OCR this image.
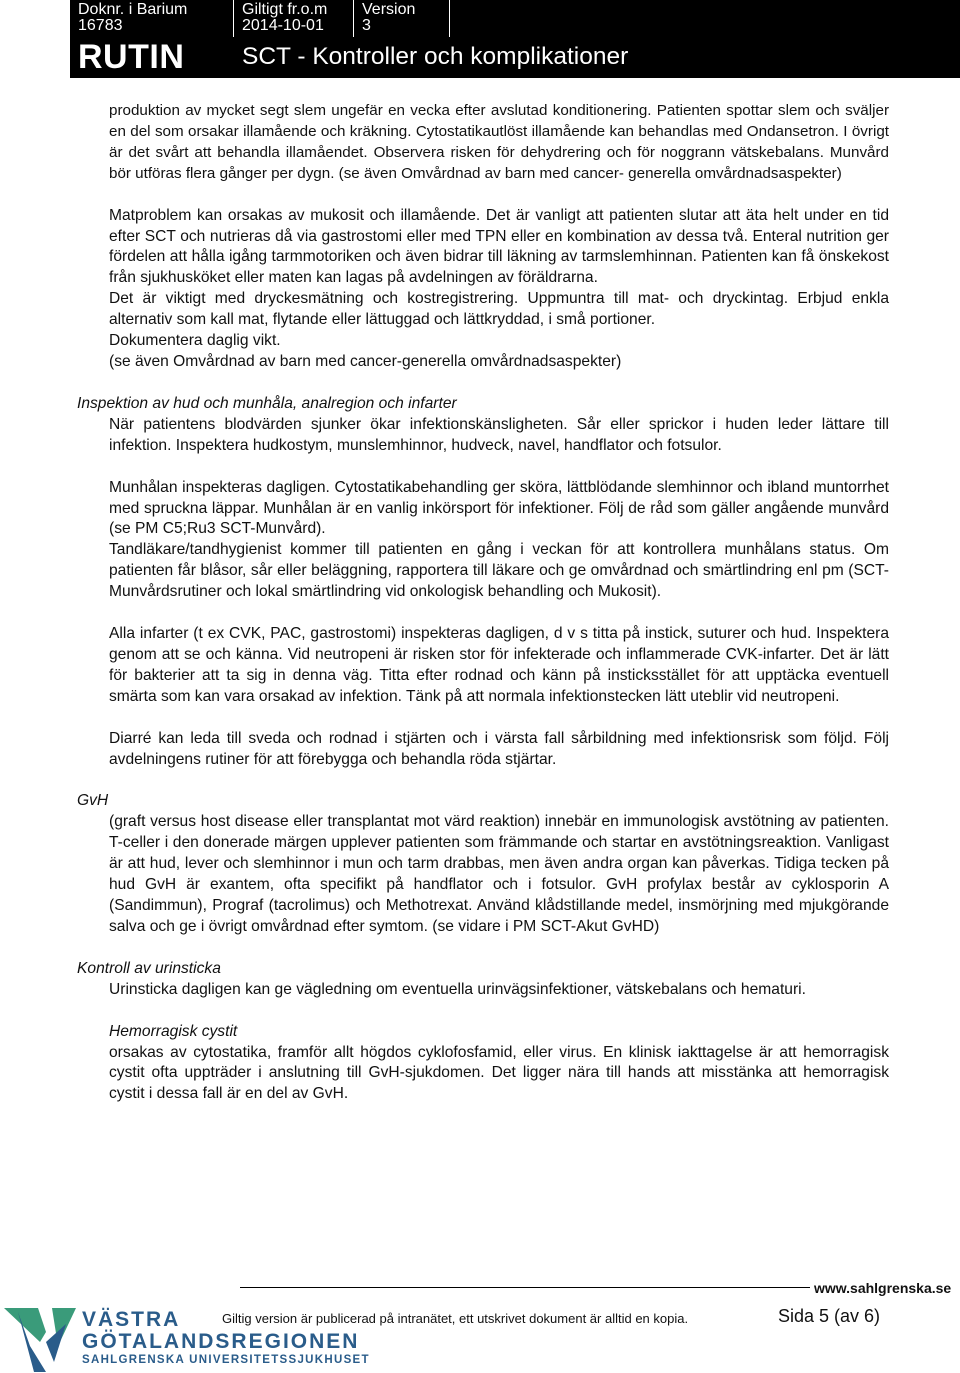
Doknr. i Barium
16783
Giltigt fr.o.m
2014-10-01
Version
3
RUTIN SCT - Kontroller och komplikationer

produktion av mycket segt slem ungefär en vecka efter avslutad konditionering. Patienten spottar slem och sväljer en del som orsakar illamående och kräkning. Cytostatikautlöst illamående kan behandlas med Ondansetron. I övrigt är det svårt att behandla illamåendet. Observera risken för dehydrering och för noggrann vätskebalans. Munvård bör utföras flera gånger per dygn. (se även Omvårdnad av barn med cancer- generella omvårdnadsaspekter)

Matproblem kan orsakas av mukosit och illamående. Det är vanligt att patienten slutar att äta helt under en tid efter SCT och nutrieras då via gastrostomi eller med TPN eller en kombination av dessa två. Enteral nutrition ger fördelen att hålla igång tarmmotoriken och även bidrar till läkning av tarmslemhinnan. Patienten kan få önskekost från sjukhusköket eller maten kan lagas på avdelningen av föräldrarna.

Det är viktigt med dryckesmätning och kostregistrering. Uppmuntra till mat- och dryckintag. Erbjud enkla alternativ som kall mat, flytande eller lättuggad och lättkryddad, i små portioner.

Dokumentera daglig vikt.

(se även Omvårdnad av barn med cancer-generella omvårdnadsaspekter)

Inspektion av hud och munhåla, analregion och infarter

När patientens blodvärden sjunker ökar infektionskänsligheten. Sår eller sprickor i huden leder lättare till infektion. Inspektera hudkostym, munslemhinnor, hudveck, navel, handflator och fotsulor.

Munhålan inspekteras dagligen. Cytostatikabehandling ger sköra, lättblödande slemhinnor och ibland muntorrhet med spruckna läppar. Munhålan är en vanlig inkörsport för infektioner. Följ de råd som gäller angående munvård (se PM C5;Ru3 SCT-Munvård).

Tandläkare/tandhygienist kommer till patienten en gång i veckan för att kontrollera munhålans status. Om patienten får blåsor, sår eller beläggning, rapportera till läkare och ge omvårdnad och smärtlindring enl pm (SCT-Munvårdsrutiner och lokal smärtlindring vid onkologisk behandling och Mukosit).

Alla infarter (t ex CVK, PAC, gastrostomi) inspekteras dagligen, d v s titta på instick, suturer och hud. Inspektera genom att se och känna. Vid neutropeni är risken stor för infekterade och inflammerade CVK-infarter. Det är lätt för bakterier att ta sig in denna väg. Titta efter rodnad och känn på insticksstället för att upptäcka eventuell smärta som kan vara orsakad av infektion. Tänk på att normala infektionstecken lätt uteblir vid neutropeni.

Diarré kan leda till sveda och rodnad i stjärten och i värsta fall sårbildning med infektionsrisk som följd. Följ avdelningens rutiner för att förebygga och behandla röda stjärtar.

GvH

(graft versus host disease eller transplantat mot värd reaktion) innebär en immunologisk avstötning av patienten. T-celler i den donerade märgen upplever patienten som främmande och startar en avstötningsreaktion. Vanligast är att hud, lever och slemhinnor i mun och tarm drabbas, men även andra organ kan påverkas. Tidiga tecken på hud GvH är exantem, ofta specifikt på handflator och i fotsulor. GvH profylax består av cyklosporin A (Sandimmun), Prograf (tacrolimus) och Methotrexat. Använd klådstillande medel, insmörjning med mjukgörande salva och ge i övrigt omvårdnad efter symtom. (se vidare i PM SCT-Akut GvHD)

Kontroll av urinsticka

Urinsticka dagligen kan ge vägledning om eventuella urinvägsinfektioner, vätskebalans och hematuri.

Hemorragisk cystit

orsakas av cytostatika, framför allt högdos cyklofosfamid, eller virus. En klinisk iakttagelse är att hemorragisk cystit ofta uppträder i anslutning till GvH-sjukdomen. Det ligger nära till hands att misstänka att hemorragisk cystit i dessa fall är en del av GvH.

www.sahlgrenska.se
VÄSTRA
GÖTALANDSREGIONEN
SAHLGRENSKA UNIVERSITETSSJUKHUSET
Giltig version är publicerad på intranätet, ett utskrivet dokument är alltid en kopia.	Sida 5 (av 6)
